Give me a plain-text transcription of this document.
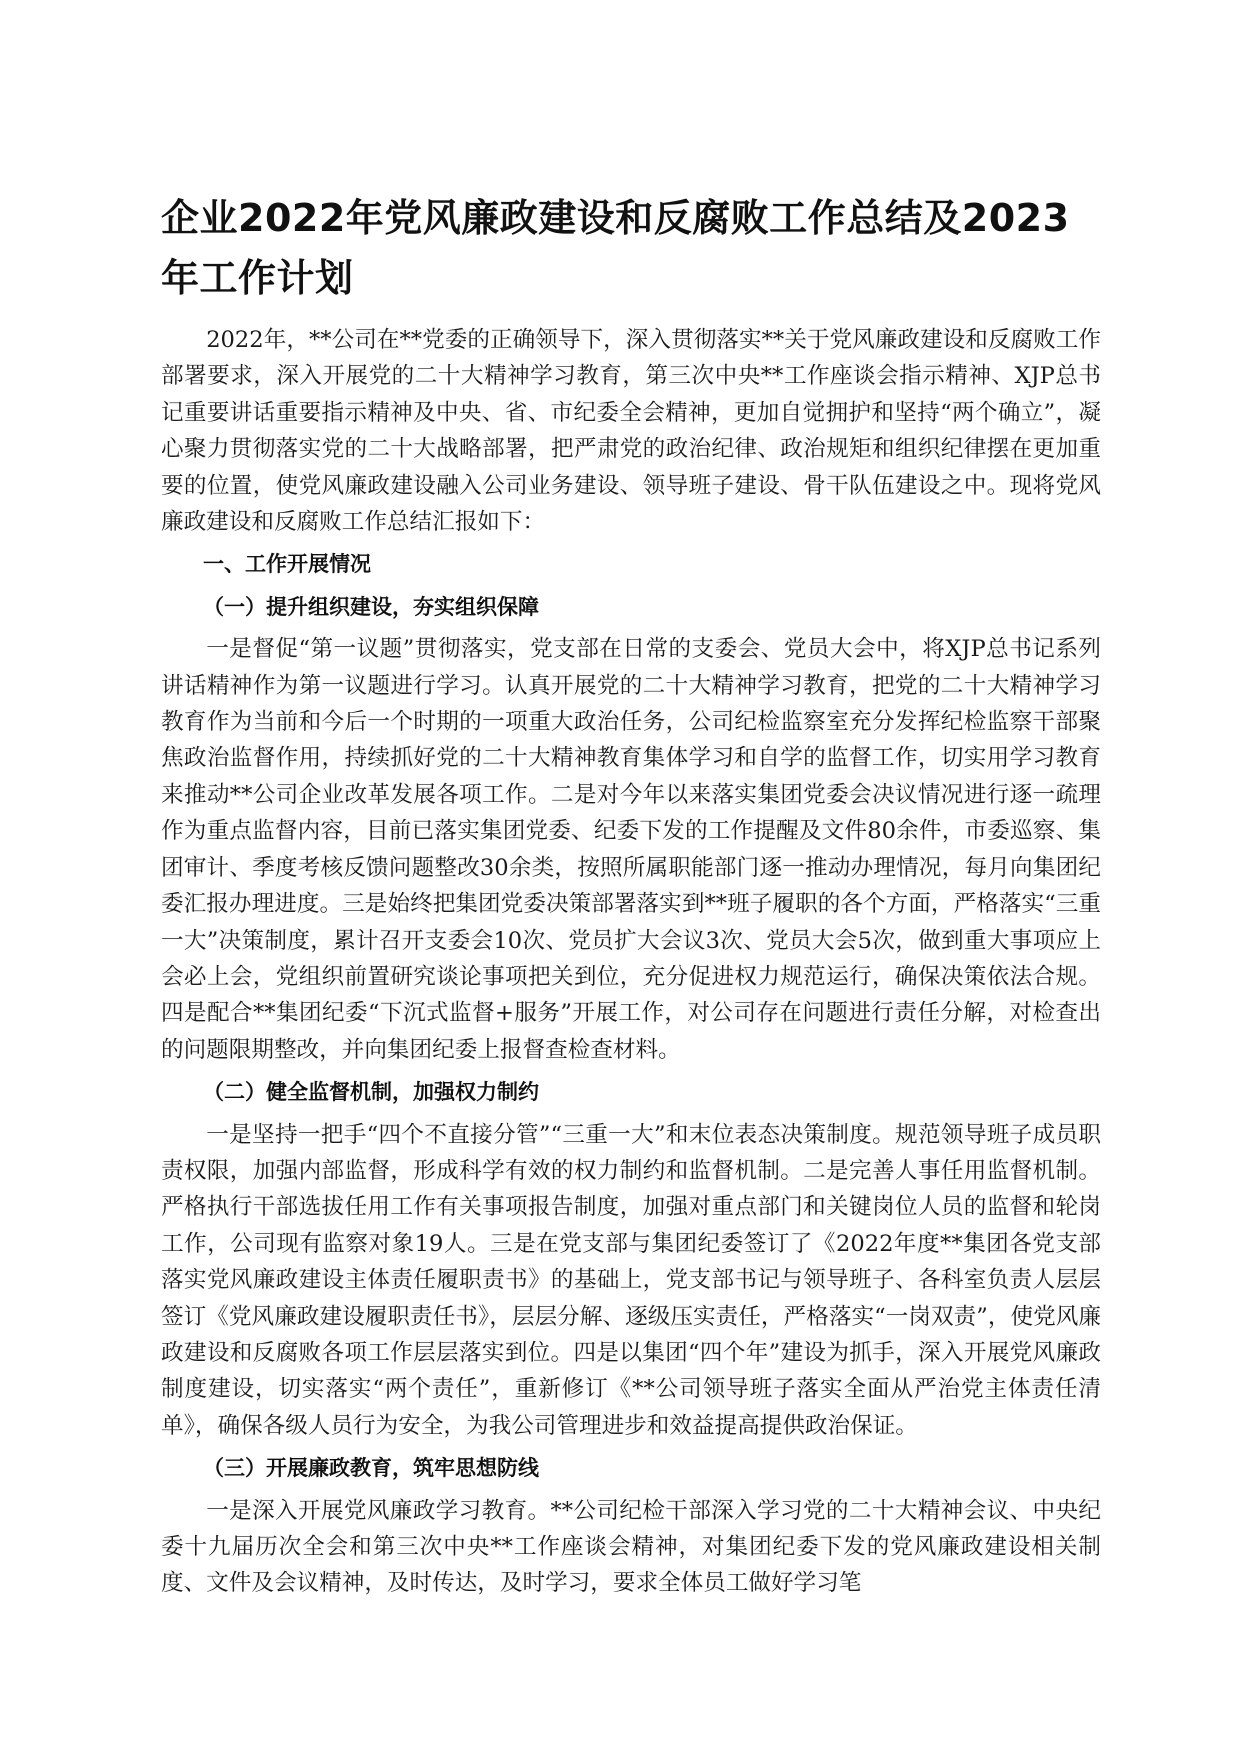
企业2022年党风廉政建设和反腐败工作总结及2023年工作计划

2022年，**公司在**党委的正确领导下，深入贯彻落实**关于党风廉政建设和反腐败工作部署要求，深入开展党的二十大精神学习教育，第三次中央**工作座谈会指示精神、XJP总书记重要讲话重要指示精神及中央、省、市纪委全会精神，更加自觉拥护和坚持“两个确立”，凝心聚力贯彻落实党的二十大战略部署，把严肃党的政治纪律、政治规矩和组织纪律摆在更加重要的位置，使党风廉政建设融入公司业务建设、领导班子建设、骨干队伍建设之中。现将党风廉政建设和反腐败工作总结汇报如下：

一、工作开展情况
（一）提升组织建设，夯实组织保障

一是督促“第一议题”贯彻落实，党支部在日常的支委会、党员大会中，将XJP总书记系列讲话精神作为第一议题进行学习。认真开展党的二十大精神学习教育，把党的二十大精神学习教育作为当前和今后一个时期的一项重大政治任务，公司纪检监察室充分发挥纪检监察干部聚焦政治监督作用，持续抓好党的二十大精神教育集体学习和自学的监督工作，切实用学习教育来推动**公司企业改革发展各项工作。二是对今年以来落实集团党委会决议情况进行逐一疏理作为重点监督内容，目前已落实集团党委、纪委下发的工作提醒及文件80余件，市委巡察、集团审计、季度考核反馈问题整改30余类，按照所属职能部门逐一推动办理情况，每月向集团纪委汇报办理进度。三是始终把集团党委决策部署落实到**班子履职的各个方面，严格落实“三重一大”决策制度，累计召开支委会10次、党员扩大会议3次、党员大会5次，做到重大事项应上会必上会，党组织前置研究谈论事项把关到位，充分促进权力规范运行，确保决策依法合规。四是配合**集团纪委“下沉式监督+服务”开展工作，对公司存在问题进行责任分解，对检查出的问题限期整改，并向集团纪委上报督查检查材料。

（二）健全监督机制，加强权力制约

一是坚持一把手“四个不直接分管”“三重一大”和末位表态决策制度。规范领导班子成员职责权限，加强内部监督，形成科学有效的权力制约和监督机制。二是完善人事任用监督机制。严格执行干部选拔任用工作有关事项报告制度，加强对重点部门和关键岗位人员的监督和轮岗工作，公司现有监察对象19人。三是在党支部与集团纪委签订了《2022年度**集团各党支部落实党风廉政建设主体责任履职责书》的基础上，党支部书记与领导班子、各科室负责人层层签订《党风廉政建设履职责任书》，层层分解、逐级压实责任，严格落实“一岗双责”，使党风廉政建设和反腐败各项工作层层落实到位。四是以集团“四个年”建设为抓手，深入开展党风廉政制度建设，切实落实“两个责任”，重新修订《**公司领导班子落实全面从严治党主体责任清单》，确保各级人员行为安全，为我公司管理进步和效益提高提供政治保证。

（三）开展廉政教育，筑牢思想防线

一是深入开展党风廉政学习教育。**公司纪检干部深入学习党的二十大精神会议、中央纪委十九届历次全会和第三次中央**工作座谈会精神，对集团纪委下发的党风廉政建设相关制度、文件及会议精神，及时传达，及时学习，要求全体员工做好学习笔
